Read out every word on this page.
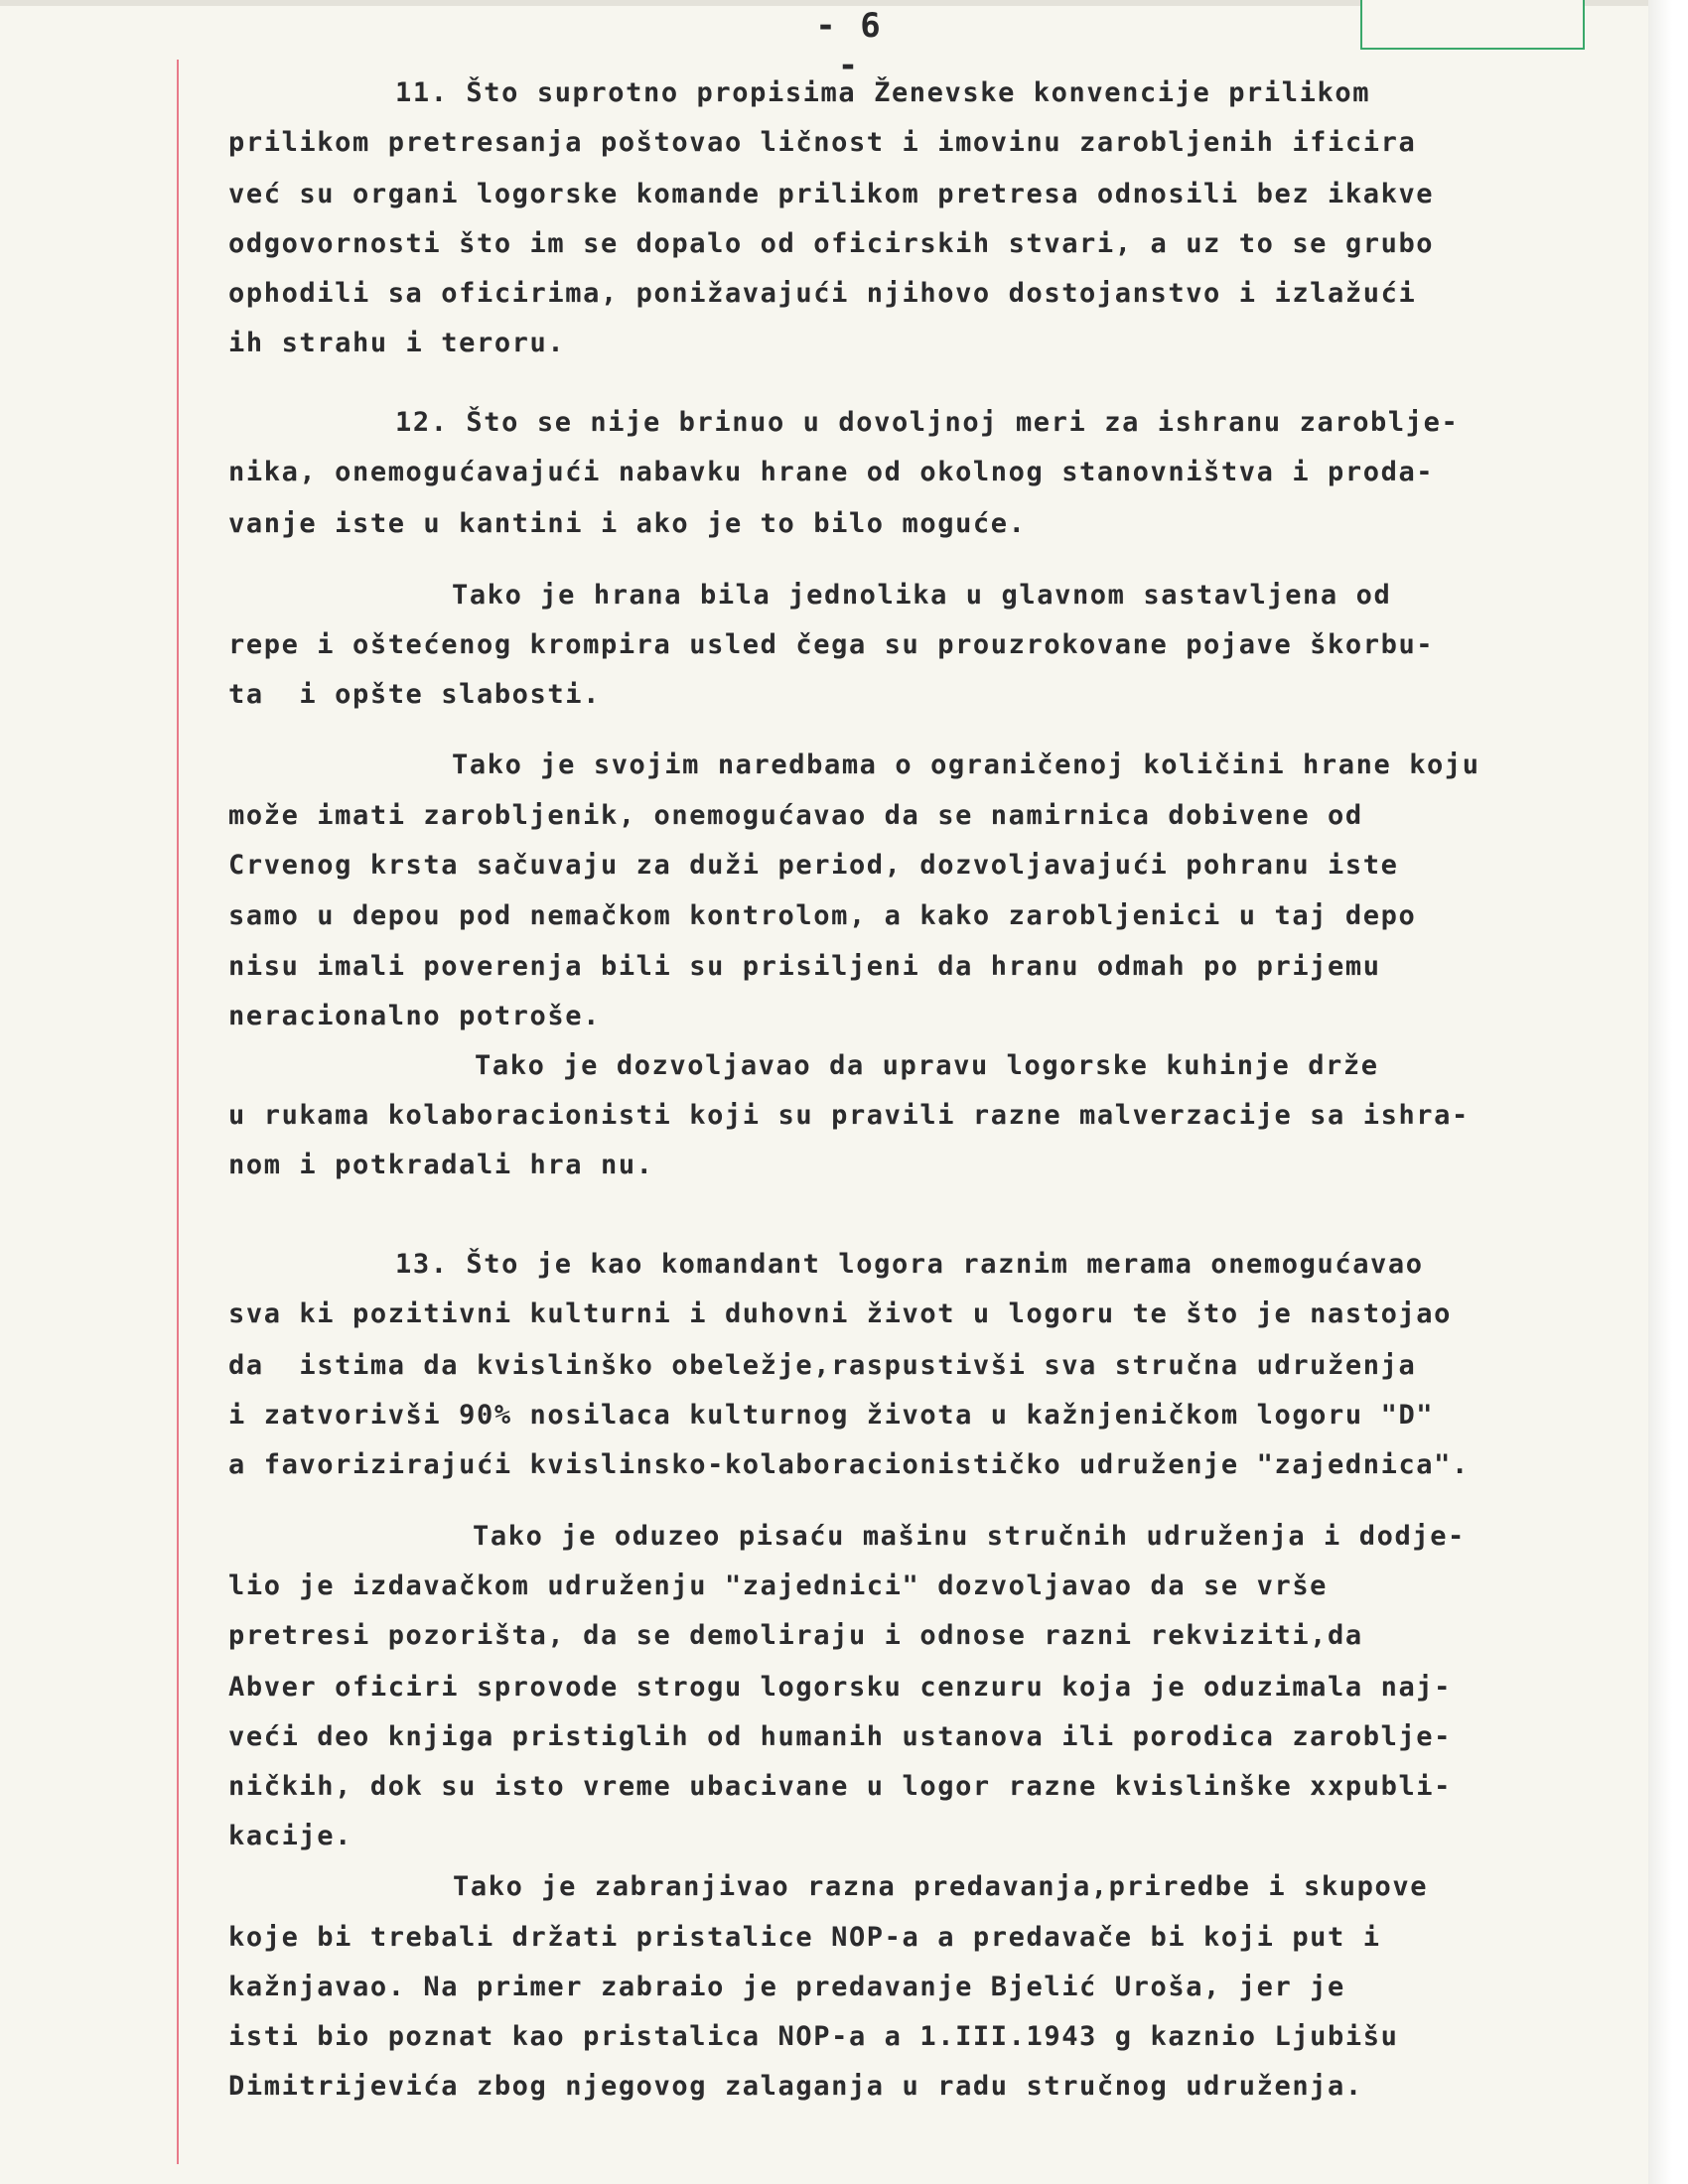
- 6 -
11. Što suprotno propisima Ženevske konvencije prilikom
prilikom pretresanja poštovao ličnost i imovinu zarobljenih ificira
već su organi logorske komande prilikom pretresa odnosili bez ikakve
odgovornosti što im se dopalo od oficirskih stvari, a uz to se grubo
ophodili sa oficirima, ponižavajući njihovo dostojanstvo i izlažući
ih strahu i teroru.
12. Što se nije brinuo u dovoljnoj meri za ishranu zarobljе-
nika, onemogućavajući nabavku hrane od okolnog stanovništva i proda-
vanje iste u kantini i ako je to bilo moguće.
Tako je hrana bila jednolika u glavnom sastavljena od
repe i oštećenog krompira usled čega su prouzrokovane pojave škorbu-
ta  i opšte slabosti.
Tako je svojim naredbama o ograničenoj količini hrane koju
može imati zarobljenik, onemogućavao da se namirnica dobivene od
Crvenog krsta sačuvaju za duži period, dozvoljavajući pohranu iste
samo u depou pod nemačkom kontrolom, a kako zarobljenici u taj depo
nisu imali poverenja bili su prisiljeni da hranu odmah po prijemu
neracionalno potroše.
Tako je dozvoljavao da upravu logorske kuhinje drže
u rukama kolaboracionisti koji su pravili razne malverzacije sa ishra-
nom i potkradali hra nu.
13. Što je kao komandant logora raznim merama onemogućavao
sva ki pozitivni kulturni i duhovni život u logoru te što je nastojao
da  istima da kvislinško obeležje,raspustivši sva stručna udruženja
i zatvorivši 90% nosilaca kulturnog života u kažnjeničkom logoru "D"
a favorizirajući kvislinsko-kolaboracionističko udruženje "zajednica".
Tako je oduzeo pisaću mašinu stručnih udruženja i dodje-
lio je izdavačkom udruženju "zajednici" dozvoljavao da se vrše
pretresi pozorišta, da se demoliraju i odnose razni rekviziti,da
Abver oficiri sprovode strogu logorsku cenzuru koja je oduzimala naj-
veći deo knjiga pristiglih od humanih ustanova ili porodica zarobljе-
ničkih, dok su isto vreme ubacivane u logor razne kvislinške xxpubli-
kacije.
Tako je zabranjivao razna predavanja,priredbe i skupove
koje bi trebali držati pristalice NOP-a a predavače bi koji put i
kažnjavao. Na primer zabraio je predavanje Bjelić Uroša, jer je
isti bio poznat kao pristalica NOP-a a 1.III.1943 g kaznio Ljubišu
Dimitrijevića zbog njegovog zalaganja u radu stručnog udruženja.
